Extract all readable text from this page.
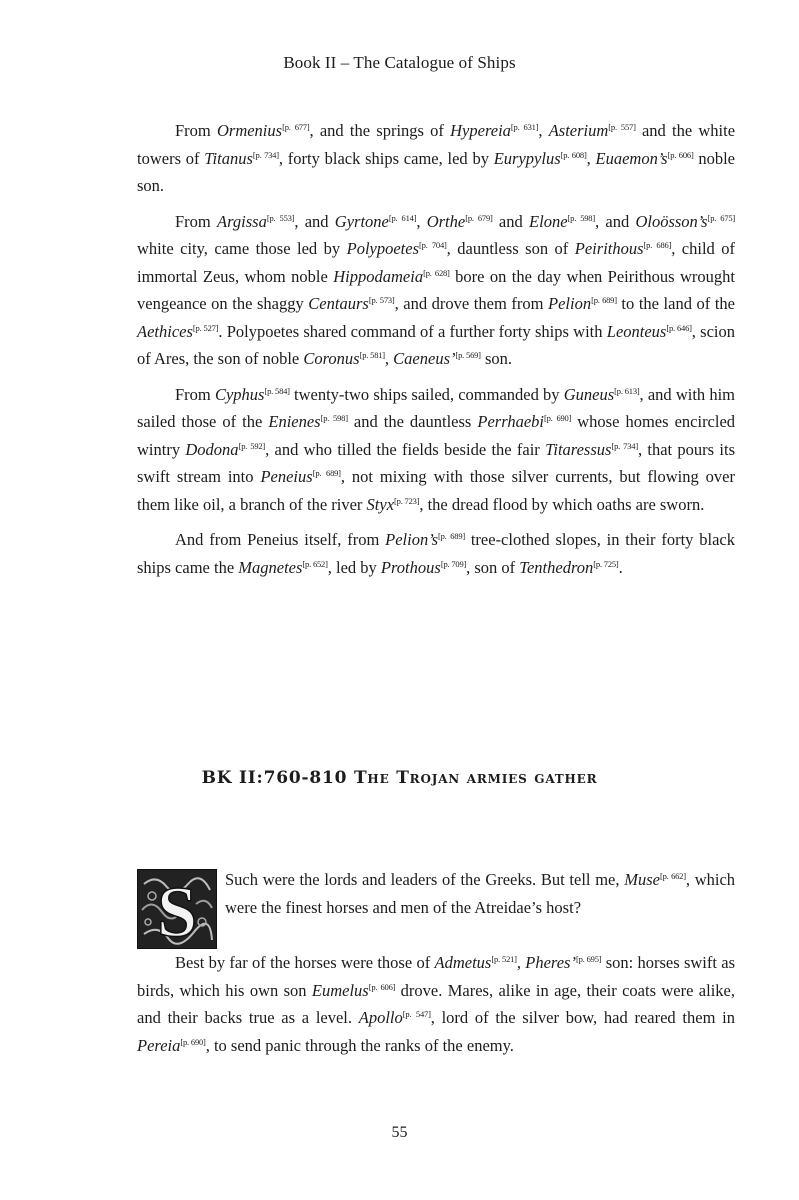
Book II – The Catalogue of Ships

From Ormenius[p. 677], and the springs of Hypereia[p. 631], Asterium[p. 557] and the white towers of Titanus[p. 734], forty black ships came, led by Eurypylus[p. 608], Euaemon’s[p. 606] noble son.

From Argissa[p. 553], and Gyrtone[p. 614], Orthe[p. 679] and Elone[p. 598], and Oloösson’s[p. 675] white city, came those led by Polypoetes[p. 704], dauntless son of Peirithous[p. 686], child of immortal Zeus, whom noble Hippodameia[p. 628] bore on the day when Peirithous wrought vengeance on the shaggy Centaurs[p. 573], and drove them from Pelion[p. 689] to the land of the Aethices[p. 527]. Polypoetes shared command of a further forty ships with Leonteus[p. 646], scion of Ares, the son of noble Coronus[p. 581], Caeneus’[p. 569] son.

From Cyphus[p. 584] twenty-two ships sailed, commanded by Guneus[p. 613], and with him sailed those of the Enienes[p. 598] and the dauntless Perrhaebi[p. 690] whose homes encircled wintry Dodona[p. 592], and who tilled the fields beside the fair Titaressus[p. 734], that pours its swift stream into Peneius[p. 689], not mixing with those silver currents, but flowing over them like oil, a branch of the river Styx[p. 723], the dread flood by which oaths are sworn.

And from Peneius itself, from Pelion’s[p. 689] tree-clothed slopes, in their forty black ships came the Magnetes[p. 652], led by Prothous[p. 709], son of Tenthedron[p. 725].

BK II:760-810 The Trojan armies gather
S	Such were the lords and leaders of the Greeks. But tell me, Muse[p. 662], which were the finest horses and men of the Atreidae’s host?

Best by far of the horses were those of Admetus[p. 521], Pheres’[p. 695] son: horses swift as birds, which his own son Eumelus[p. 606] drove. Mares, alike in age, their coats were alike, and their backs true as a level. Apollo[p. 547], lord of the silver bow, had reared them in Pereia[p. 690], to send panic through the ranks of the enemy.

55
